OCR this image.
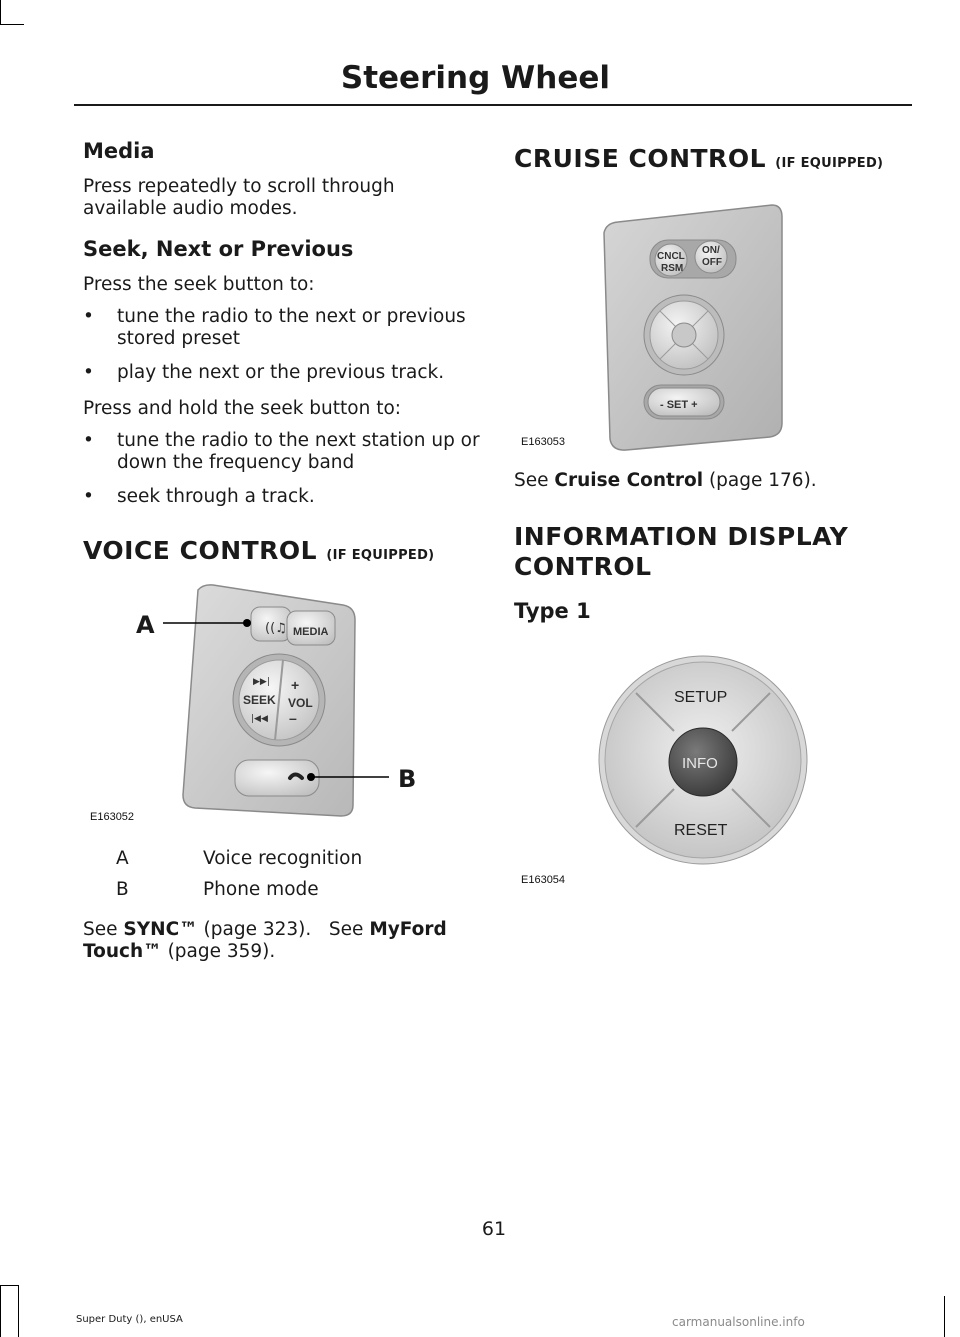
Steering Wheel
Media

Press repeatedly to scroll through available audio modes.

Seek, Next or Previous

Press the seek button to:

• tune the radio to the next or previous stored preset

• play the next or the previous track.

Press and hold the seek button to:

• tune the radio to the next station up or down the frequency band

• seek through a track.

VOICE CONTROL (IF EQUIPPED)
((♫ MEDIA
SEEK VOL
+
–
▶▶|
|◀◀
A
B
E163052
A	Voice recognition
B	Phone mode

See SYNC™ (page 323). See MyFord
Touch™ (page 359).

CRUISE CONTROL (IF EQUIPPED)
CNCL
RSM
ON/
OFF
- SET +
E163053

See Cruise Control (page 176).

INFORMATION DISPLAY
CONTROL
Type 1
SETUP
INFO
RESET
E163054
61
Super Duty (), enUSA	carmanualsonline.info
